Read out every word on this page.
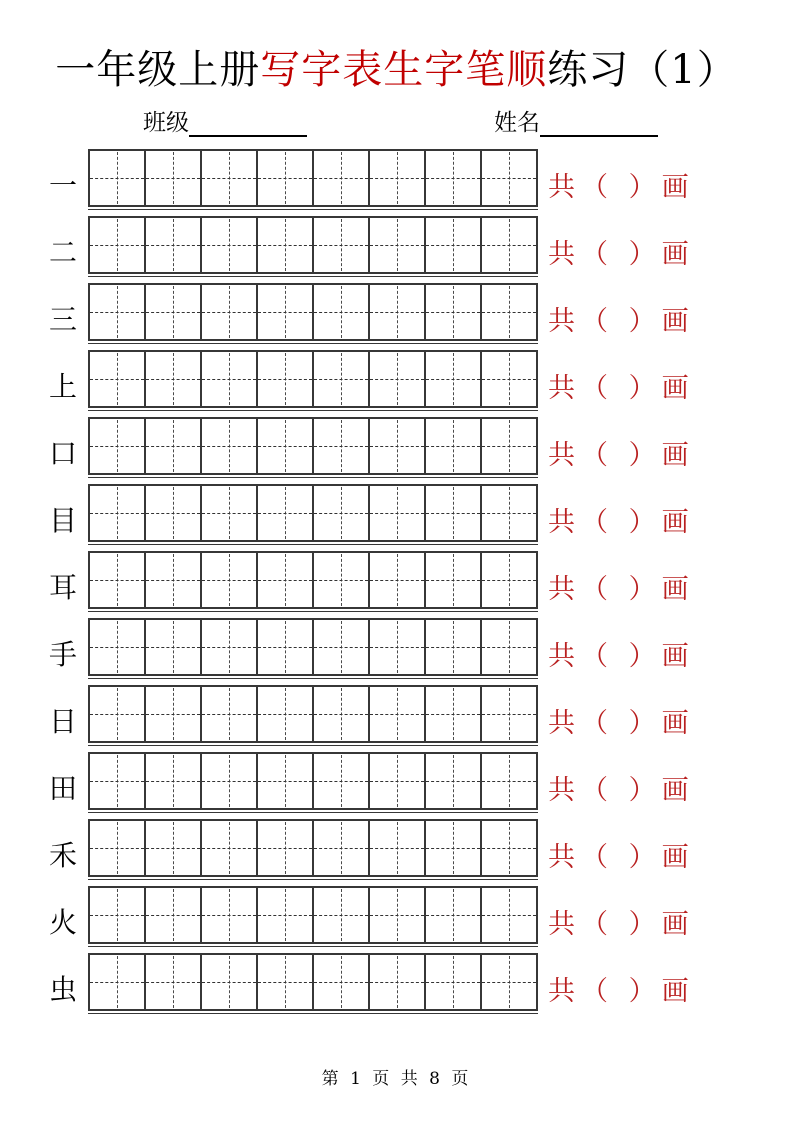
一年级上册写字表生字笔顺练习（1）
班级	姓名
一	共（ ）画
二	共（ ）画
三	共（ ）画
上	共（ ）画
口	共（ ）画
目	共（ ）画
耳	共（ ）画
手	共（ ）画
日	共（ ）画
田	共（ ）画
禾	共（ ）画
火	共（ ）画
虫	共（ ）画
第 1 页 共 8 页
